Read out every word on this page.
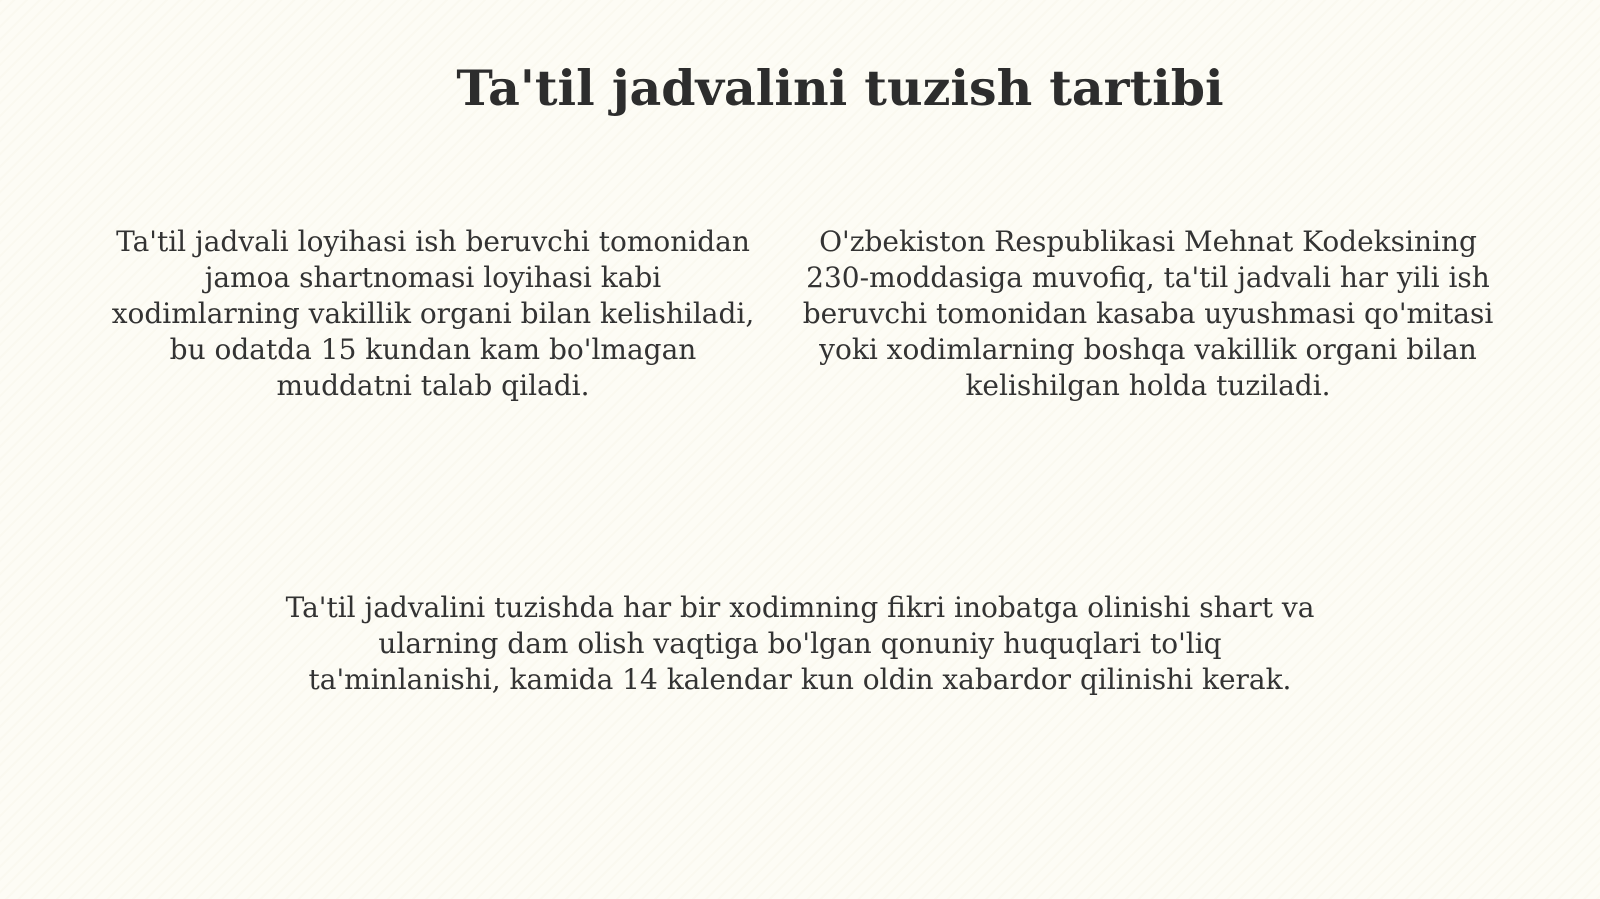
Ta'til jadvalini tuzish tartibi

Ta'til jadvali loyihasi ish beruvchi tomonidan jamoa shartnomasi loyihasi kabi xodimlarning vakillik organi bilan kelishiladi, bu odatda 15 kundan kam bo'lmagan muddatni talab qiladi.

O'zbekiston Respublikasi Mehnat Kodeksining 230-moddasiga muvofiq, ta'til jadvali har yili ish beruvchi tomonidan kasaba uyushmasi qo'mitasi yoki xodimlarning boshqa vakillik organi bilan kelishilgan holda tuziladi.

Ta'til jadvalini tuzishda har bir xodimning fikri inobatga olinishi shart va ularning dam olish vaqtiga bo'lgan qonuniy huquqlari to'liq ta'minlanishi, kamida 14 kalendar kun oldin xabardor qilinishi kerak.
